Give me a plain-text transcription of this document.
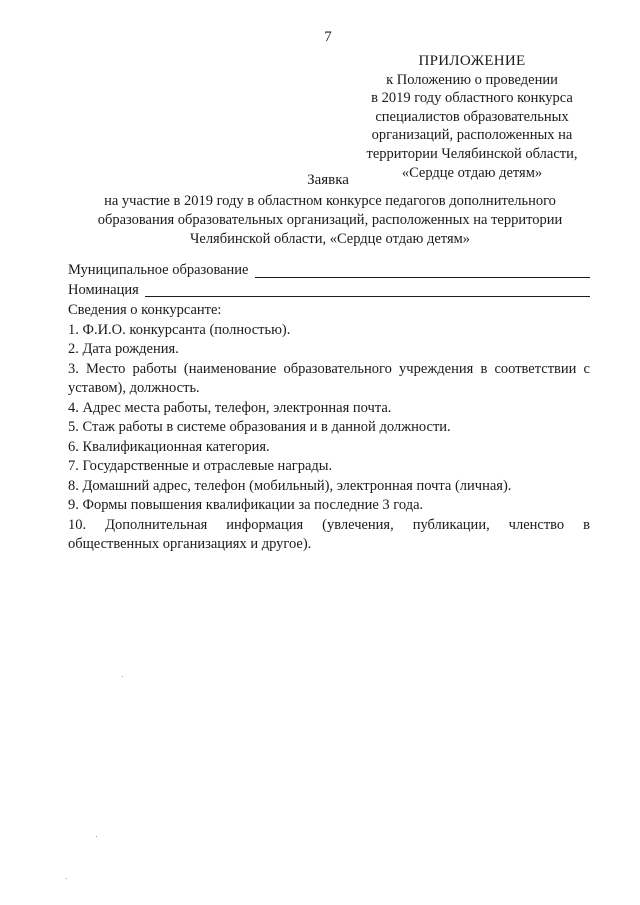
7
ПРИЛОЖЕНИЕ
к Положению о проведении
в 2019 году областного конкурса
специалистов образовательных
организаций, расположенных на
территории Челябинской области,
«Сердце отдаю детям»
Заявка
на участие в 2019 году в областном конкурсе педагогов дополнительного
образования образовательных организаций, расположенных на территории
Челябинской области, «Сердце отдаю детям»
Муниципальное образование
Номинация
Сведения о конкурсанте:
1. Ф.И.О. конкурсанта (полностью).
2. Дата рождения.
3. Место работы (наименование образовательного учреждения в соответствии с
уставом), должность.
4. Адрес места работы, телефон, электронная почта.
5. Стаж работы в системе образования и в данной должности.
6. Квалификационная категория.
7. Государственные и отраслевые награды.
8. Домашний адрес, телефон (мобильный), электронная почта (личная).
9. Формы повышения квалификации за последние 3 года.
10. Дополнительная информация (увлечения, публикации, членство в
общественных организациях и другое).
